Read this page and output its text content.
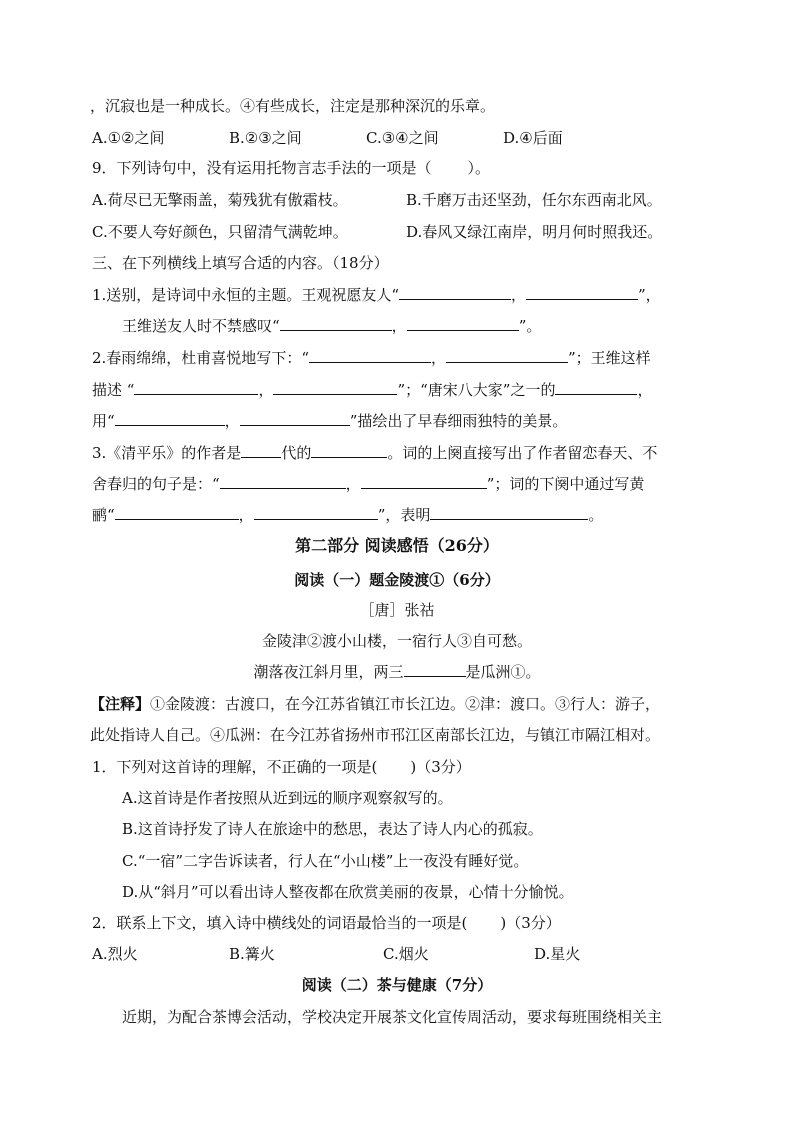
，沉寂也是一种成长。④有些成长，注定是那种深沉的乐章。
A.①②之间	B.②③之间	C.③④之间	D.④后面
9．下列诗句中，没有运用托物言志手法的一项是（ ）。
A.荷尽已无擎雨盖，菊残犹有傲霜枝。	B.千磨万击还坚劲，任尔东西南北风。
C.不要人夸好颜色，只留清气满乾坤。	D.春风又绿江南岸，明月何时照我还。
三、在下列横线上填写合适的内容。（18分）
1.送别，是诗词中永恒的主题。王观祝愿友人“	，	”，
王维送友人时不禁感叹“	，	”。
2.春雨绵绵，杜甫喜悦地写下：“	，	”；王维这样
描述 “	，	”；“唐宋八大家”之一的	，
用“	，	”描绘出了早春细雨独特的美景。
3.《清平乐》的作者是	代的	。词的上阕直接写出了作者留恋春天、不
舍春归的句子是：“	，	”；词的下阕中通过写黄
鹂“	，	”，表明	。
第二部分 阅读感悟（26分）
阅读（一）题金陵渡①（6分）
［唐］张祜
金陵津②渡小山楼，一宿行人③自可愁。
潮落夜江斜月里，两三	是瓜洲①。
【注释】①金陵渡：古渡口，在今江苏省镇江市长江边。②津：渡口。③行人：游子，
此处指诗人自己。④瓜洲：在今江苏省扬州市邗江区南部长江边，与镇江市隔江相对。
1．下列对这首诗的理解，不正确的一项是( )（3分）
A.这首诗是作者按照从近到远的顺序观察叙写的。
B.这首诗抒发了诗人在旅途中的愁思，表达了诗人内心的孤寂。
C.“一宿”二字告诉读者，行人在“小山楼”上一夜没有睡好觉。
D.从“斜月”可以看出诗人整夜都在欣赏美丽的夜景，心情十分愉悦。
2．联系上下文，填入诗中横线处的词语最恰当的一项是( )（3分）
A.烈火	B.篝火	C.烟火	D.星火
阅读（二）茶与健康（7分）
近期，为配合茶博会活动，学校决定开展茶文化宣传周活动，要求每班围绕相关主
